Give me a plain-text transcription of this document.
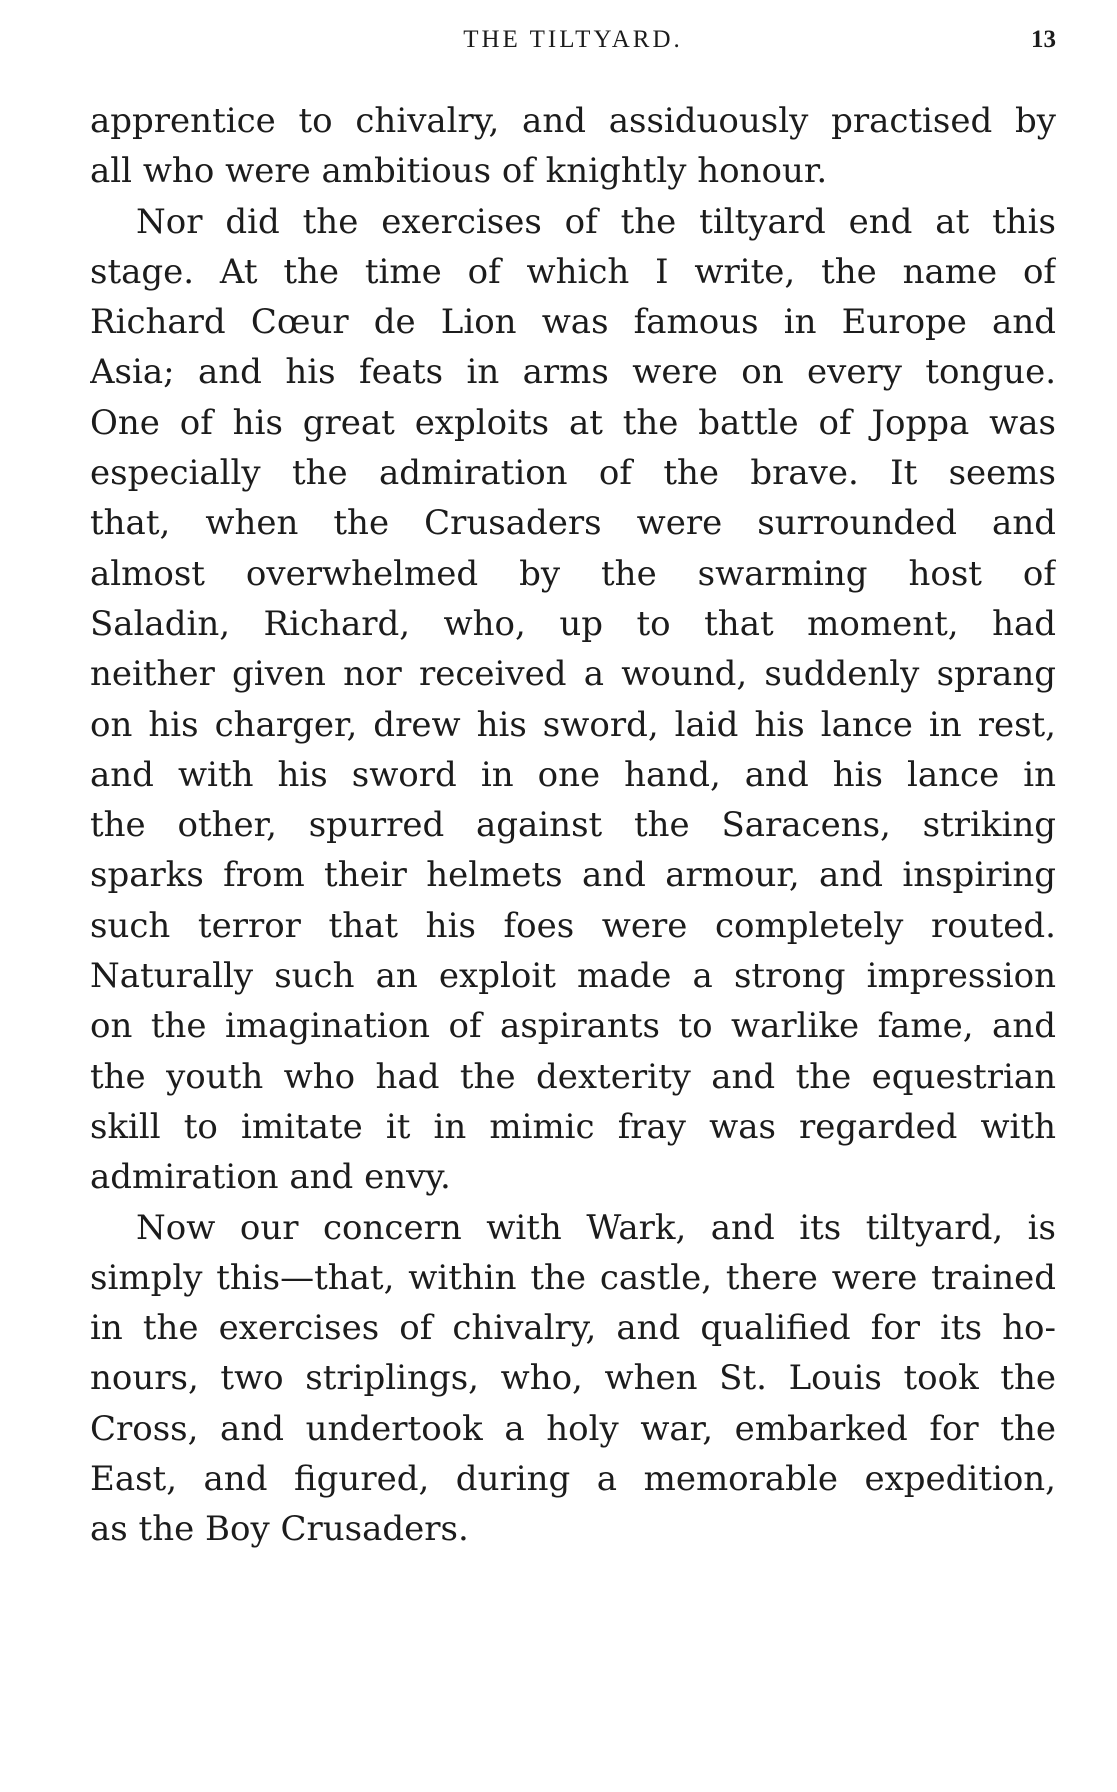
THE TILTYARD.	13
apprentice to chivalry, and assiduously practised by
all who were ambitious of knightly honour.
Nor did the exercises of the tiltyard end at this
stage. At the time of which I write, the name of
Richard Cœur de Lion was famous in Europe and
Asia; and his feats in arms were on every tongue.
One of his great exploits at the battle of Joppa was
especially the admiration of the brave. It seems
that, when the Crusaders were surrounded and
almost overwhelmed by the swarming host of
Saladin, Richard, who, up to that moment, had
neither given nor received a wound, suddenly sprang
on his charger, drew his sword, laid his lance in rest,
and with his sword in one hand, and his lance in
the other, spurred against the Saracens, striking
sparks from their helmets and armour, and inspiring
such terror that his foes were completely routed.
Naturally such an exploit made a strong impression
on the imagination of aspirants to warlike fame, and
the youth who had the dexterity and the equestrian
skill to imitate it in mimic fray was regarded with
admiration and envy.
Now our concern with Wark, and its tiltyard, is
simply this—that, within the castle, there were trained
in the exercises of chivalry, and qualified for its ho-
nours, two striplings, who, when St. Louis took the
Cross, and undertook a holy war, embarked for the
East, and figured, during a memorable expedition,
as the Boy Crusaders.
